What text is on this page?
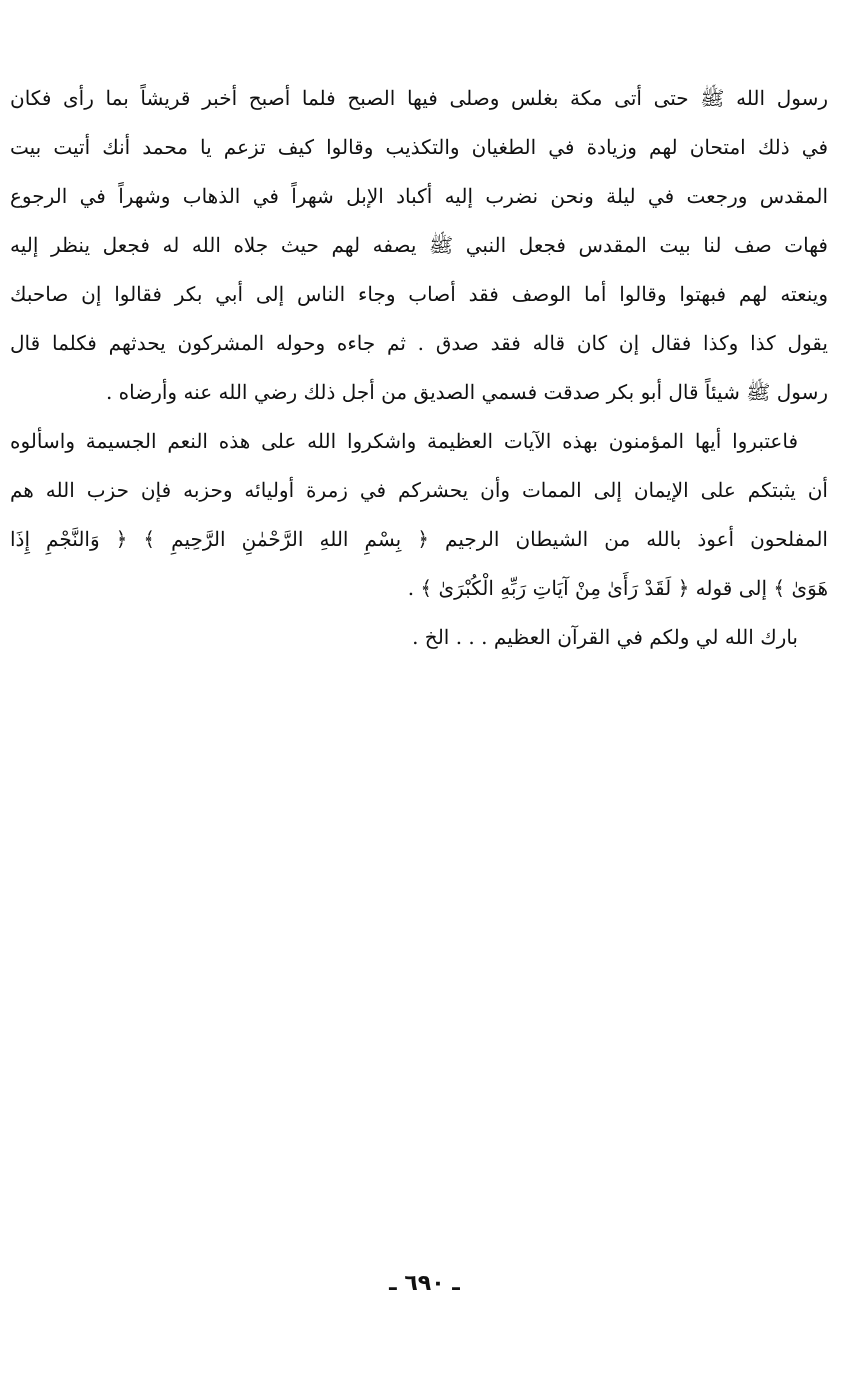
رسول الله ﷺ حتى أتى مكة بغلس وصلى فيها الصبح فلما أصبح أخبر قريشاً بما رأى فكان
في ذلك امتحان لهم وزيادة في الطغيان والتكذيب وقالوا كيف تزعم يا محمد أنك أتيت بيت
المقدس ورجعت في ليلة ونحن نضرب إليه أكباد الإبل شهراً في الذهاب وشهراً في الرجوع
فهات صف لنا بيت المقدس فجعل النبي ﷺ يصفه لهم حيث جلاه الله له فجعل ينظر إليه
وينعته لهم فبهتوا وقالوا أما الوصف فقد أصاب وجاء الناس إلى أبي بكر فقالوا إن صاحبك
يقول كذا وكذا فقال إن كان قاله فقد صدق . ثم جاءه وحوله المشركون يحدثهم فكلما قال
رسول ﷺ شيئاً قال أبو بكر صدقت فسمي الصديق من أجل ذلك رضي الله عنه وأرضاه .
فاعتبروا أيها المؤمنون بهذه الآيات العظيمة واشكروا الله على هذه النعم الجسيمة واسألوه
أن يثبتكم على الإيمان إلى الممات وأن يحشركم في زمرة أوليائه وحزبه فإن حزب الله هم
المفلحون أعوذ بالله من الشيطان الرجيم ﴿ بِسْمِ اللهِ الرَّحْمٰنِ الرَّحِيمِ ﴾ ﴿ وَالنَّجْمِ إِذَا
هَوَىٰ ﴾ إلى قوله ﴿ لَقَدْ رَأَىٰ مِنْ آيَاتِ رَبِّهِ الْكُبْرَىٰ ﴾ .
بارك الله لي ولكم في القرآن العظيم . . . الخ .
ـ ٦٩٠ ـ
